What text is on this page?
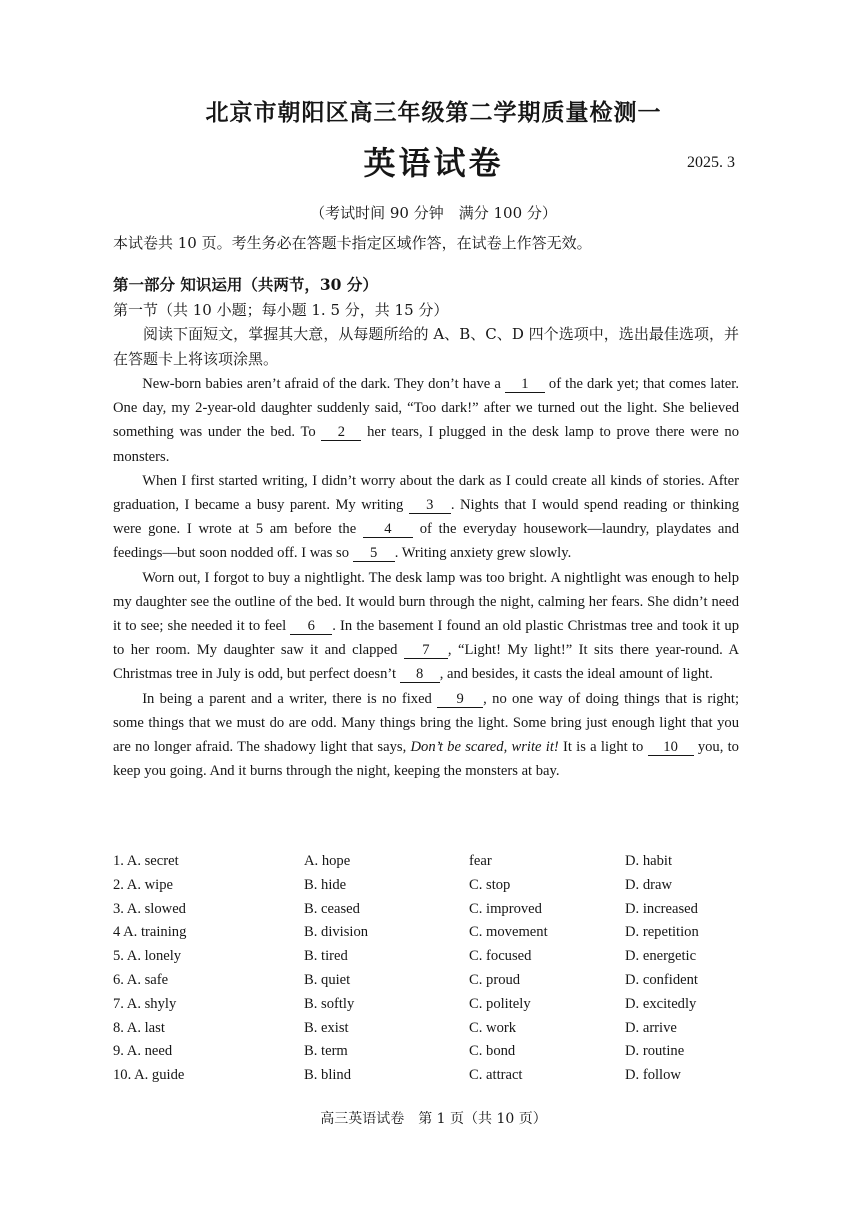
北京市朝阳区高三年级第二学期质量检测一
英语试卷	2025. 3
（考试时间 90 分钟　满分 100 分）
本试卷共 10 页。考生务必在答题卡指定区域作答，在试卷上作答无效。
第一部分 知识运用（共两节，30 分）
第一节（共 10 小题；每小题 1. 5 分，共 15 分）
阅读下面短文，掌握其大意，从每题所给的 A、B、C、D 四个选项中，选出最佳选项，并在答题卡上将该项涂黑。

New-born babies aren’t afraid of the dark. They don’t have a 1 of the dark yet; that comes later. One day, my 2-year-old daughter suddenly said, “Too dark!” after we turned out the light. She believed something was under the bed. To 2 her tears, I plugged in the desk lamp to prove there were no monsters.

When I first started writing, I didn’t worry about the dark as I could create all kinds of stories. After graduation, I became a busy parent. My writing 3 . Nights that I would spend reading or thinking were gone. I wrote at 5 am before the 4 of the everyday housework—laundry, playdates and feedings—but soon nodded off. I was so 5 . Writing anxiety grew slowly.

Worn out, I forgot to buy a nightlight. The desk lamp was too bright. A nightlight was enough to help my daughter see the outline of the bed. It would burn through the night, calming her fears. She didn’t need it to see; she needed it to feel 6 . In the basement I found an old plastic Christmas tree and took it up to her room. My daughter saw it and clapped 7 , “Light! My light!” It sits there year-round. A Christmas tree in July is odd, but perfect doesn’t 8 , and besides, it casts the ideal amount of light.

In being a parent and a writer, there is no fixed 9 , no one way of doing things that is right; some things that we must do are odd. Many things bring the light. Some bring just enough light that you are no longer afraid. The shadowy light that says, Don’t be scared, write it! It is a light to 10 you, to keep you going. And it burns through the night, keeping the monsters at bay.

1. A. secret	A. hope	fear	D. habit
2. A. wipe	B. hide	C. stop	D. draw
3. A. slowed	B. ceased	C. improved	D. increased
4 A. training	B. division	C. movement	D. repetition
5. A. lonely	B. tired	C. focused	D. energetic
6. A. safe	B. quiet	C. proud	D. confident
7. A. shyly	B. softly	C. politely	D. excitedly
8. A. last	B. exist	C. work	D. arrive
9. A. need	B. term	C. bond	D. routine
10. A. guide	B. blind	C. attract	D. follow
高三英语试卷　第 1 页（共 10 页）
